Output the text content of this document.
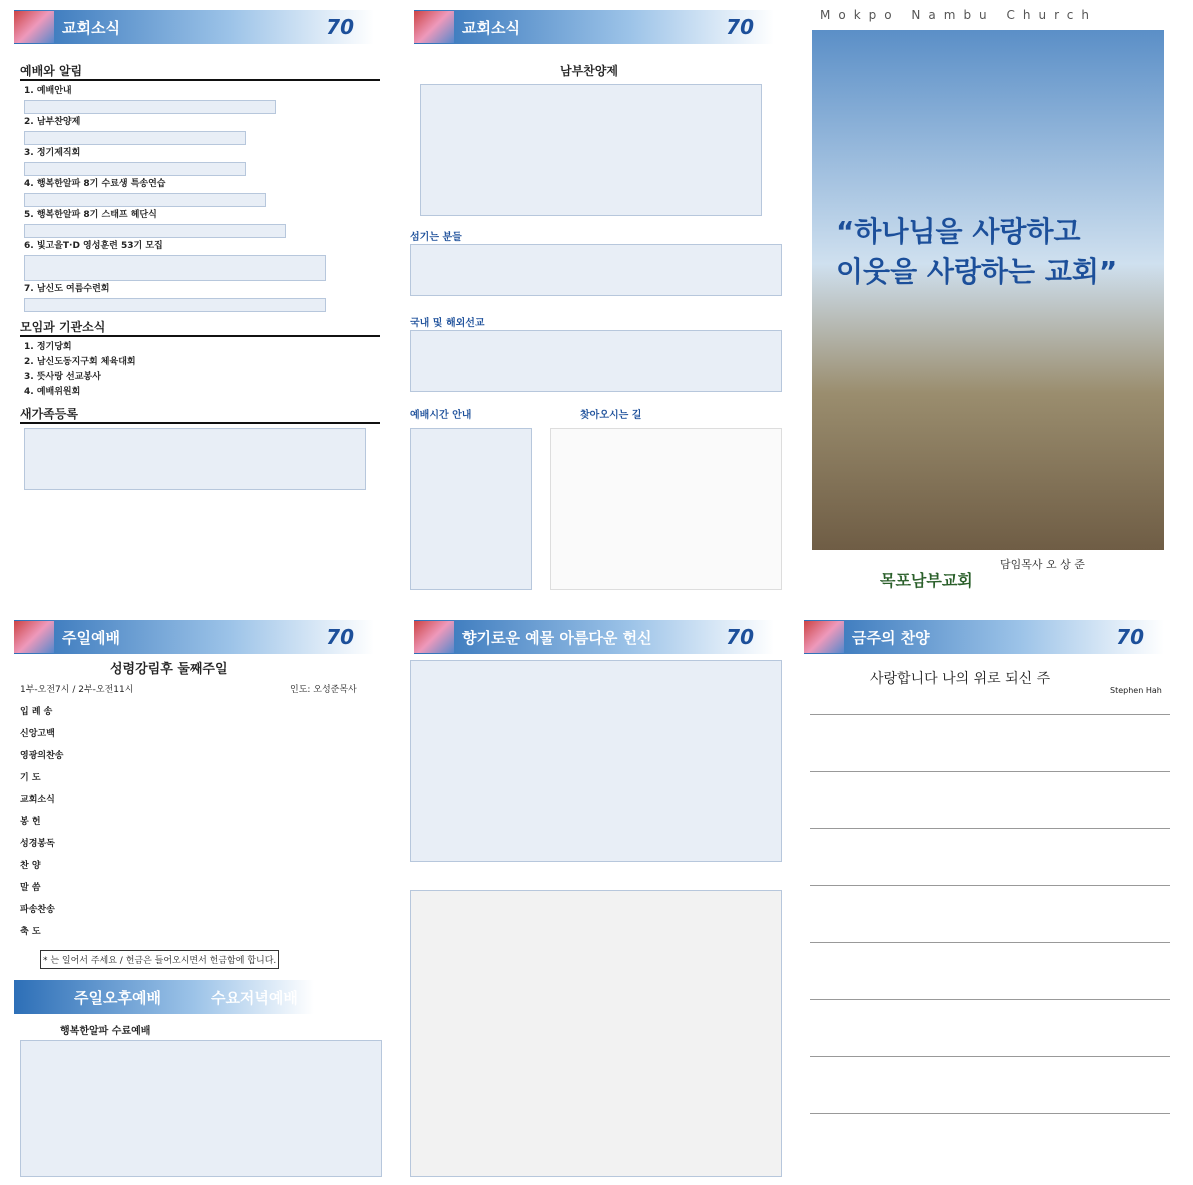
교회소식	70
예배와 알림
1. 예배안내
2. 남부찬양제
3. 정기제직회
4. 행복한알파 8기 수료생 특송연습
5. 행복한알파 8기 스태프 헤단식
6. 빛고을T·D 영성훈련 53기 모집
7. 남신도 여름수련회
모임과 기관소식
1. 정기당회
2. 남신도동지구회 체육대회
3. 뜻사랑 선교봉사
4. 예배위원회
새가족등록
교회소식	70
남부찬양제
섬기는 분들
국내 및 해외선교
예배시간 안내	찾아오시는 길
Mokpo Nambu Church
“하나님을 사랑하고
이웃을 사랑하는 교회”
목포남부교회
담임목사 오 상 준
주일예배	70
성령강림후 둘째주일
1부-오전7시 / 2부-오전11시	인도: 오성준목사
입 례 송
신앙고백
영광의찬송
기 도
교회소식
봉 헌
성경봉독
찬 양
말 씀
파송찬송
축 도
* 는 일어서 주세요 / 헌금은 들어오시면서 헌금함에 합니다.
주일오후예배	수요저녁예배
행복한알파 수료예배
향기로운 예물 아름다운 헌신	70	금주의 찬양	70
사랑합니다 나의 위로 되신 주
Stephen Hah
